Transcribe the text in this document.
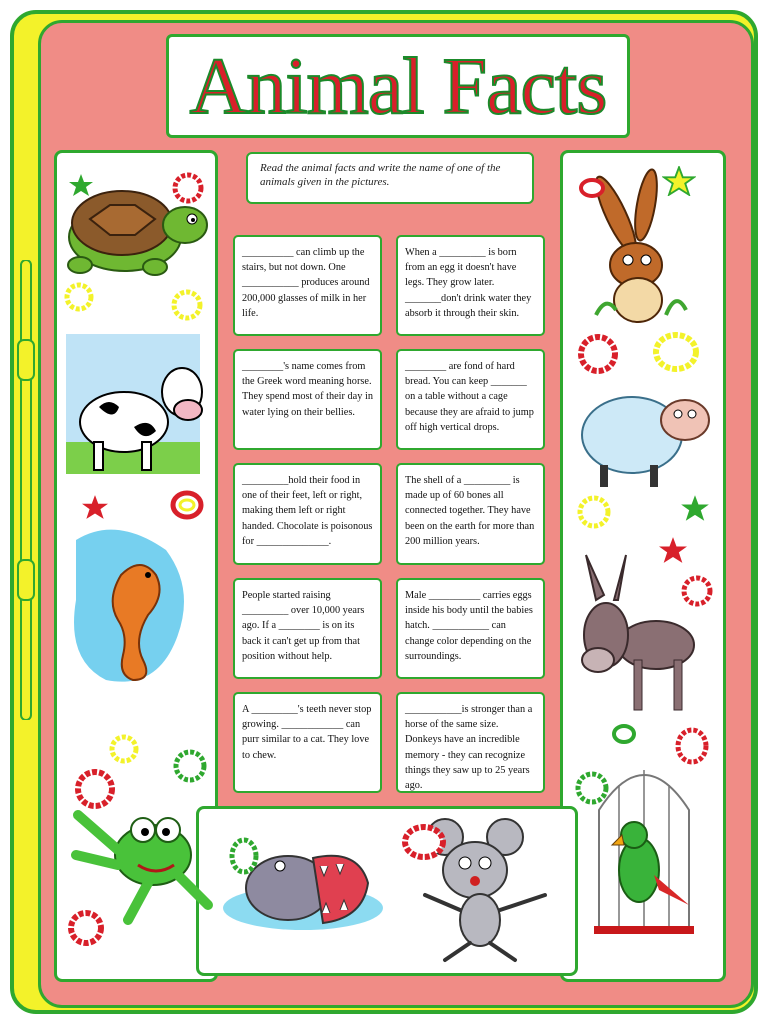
Animal Facts
Read the animal facts and write the name of one of the animals given in the pictures.
__________ can climb up the stairs, but not down. One ___________ produces around 200,000 glasses of milk in her life.
When a _________ is born from an egg it doesn't have legs. They grow later. _______don't drink water they absorb it through their skin.
________'s name comes from the Greek word meaning horse. They spend most of their day in water lying on their bellies.
________ are fond of hard bread. You can keep _______ on a table without a cage because they are afraid to jump off high vertical drops.
_________hold their food in one of their feet, left or right, making them left or right handed. Chocolate is poisonous for ______________.
The shell of a _________ is made up of 60 bones all connected together. They have been on the earth for more than 200 million years.
People started raising _________ over 10,000 years ago. If a ________ is on its back it can't get up from that position without help.
Male __________ carries eggs inside his body until the babies hatch. ___________ can change color depending on the surroundings.
A _________'s teeth never stop growing. ____________ can purr similar to a cat. They love to chew.
___________is stronger than a horse of the same size. Donkeys have an incredible memory - they can recognize things they saw up to 25 years ago.
